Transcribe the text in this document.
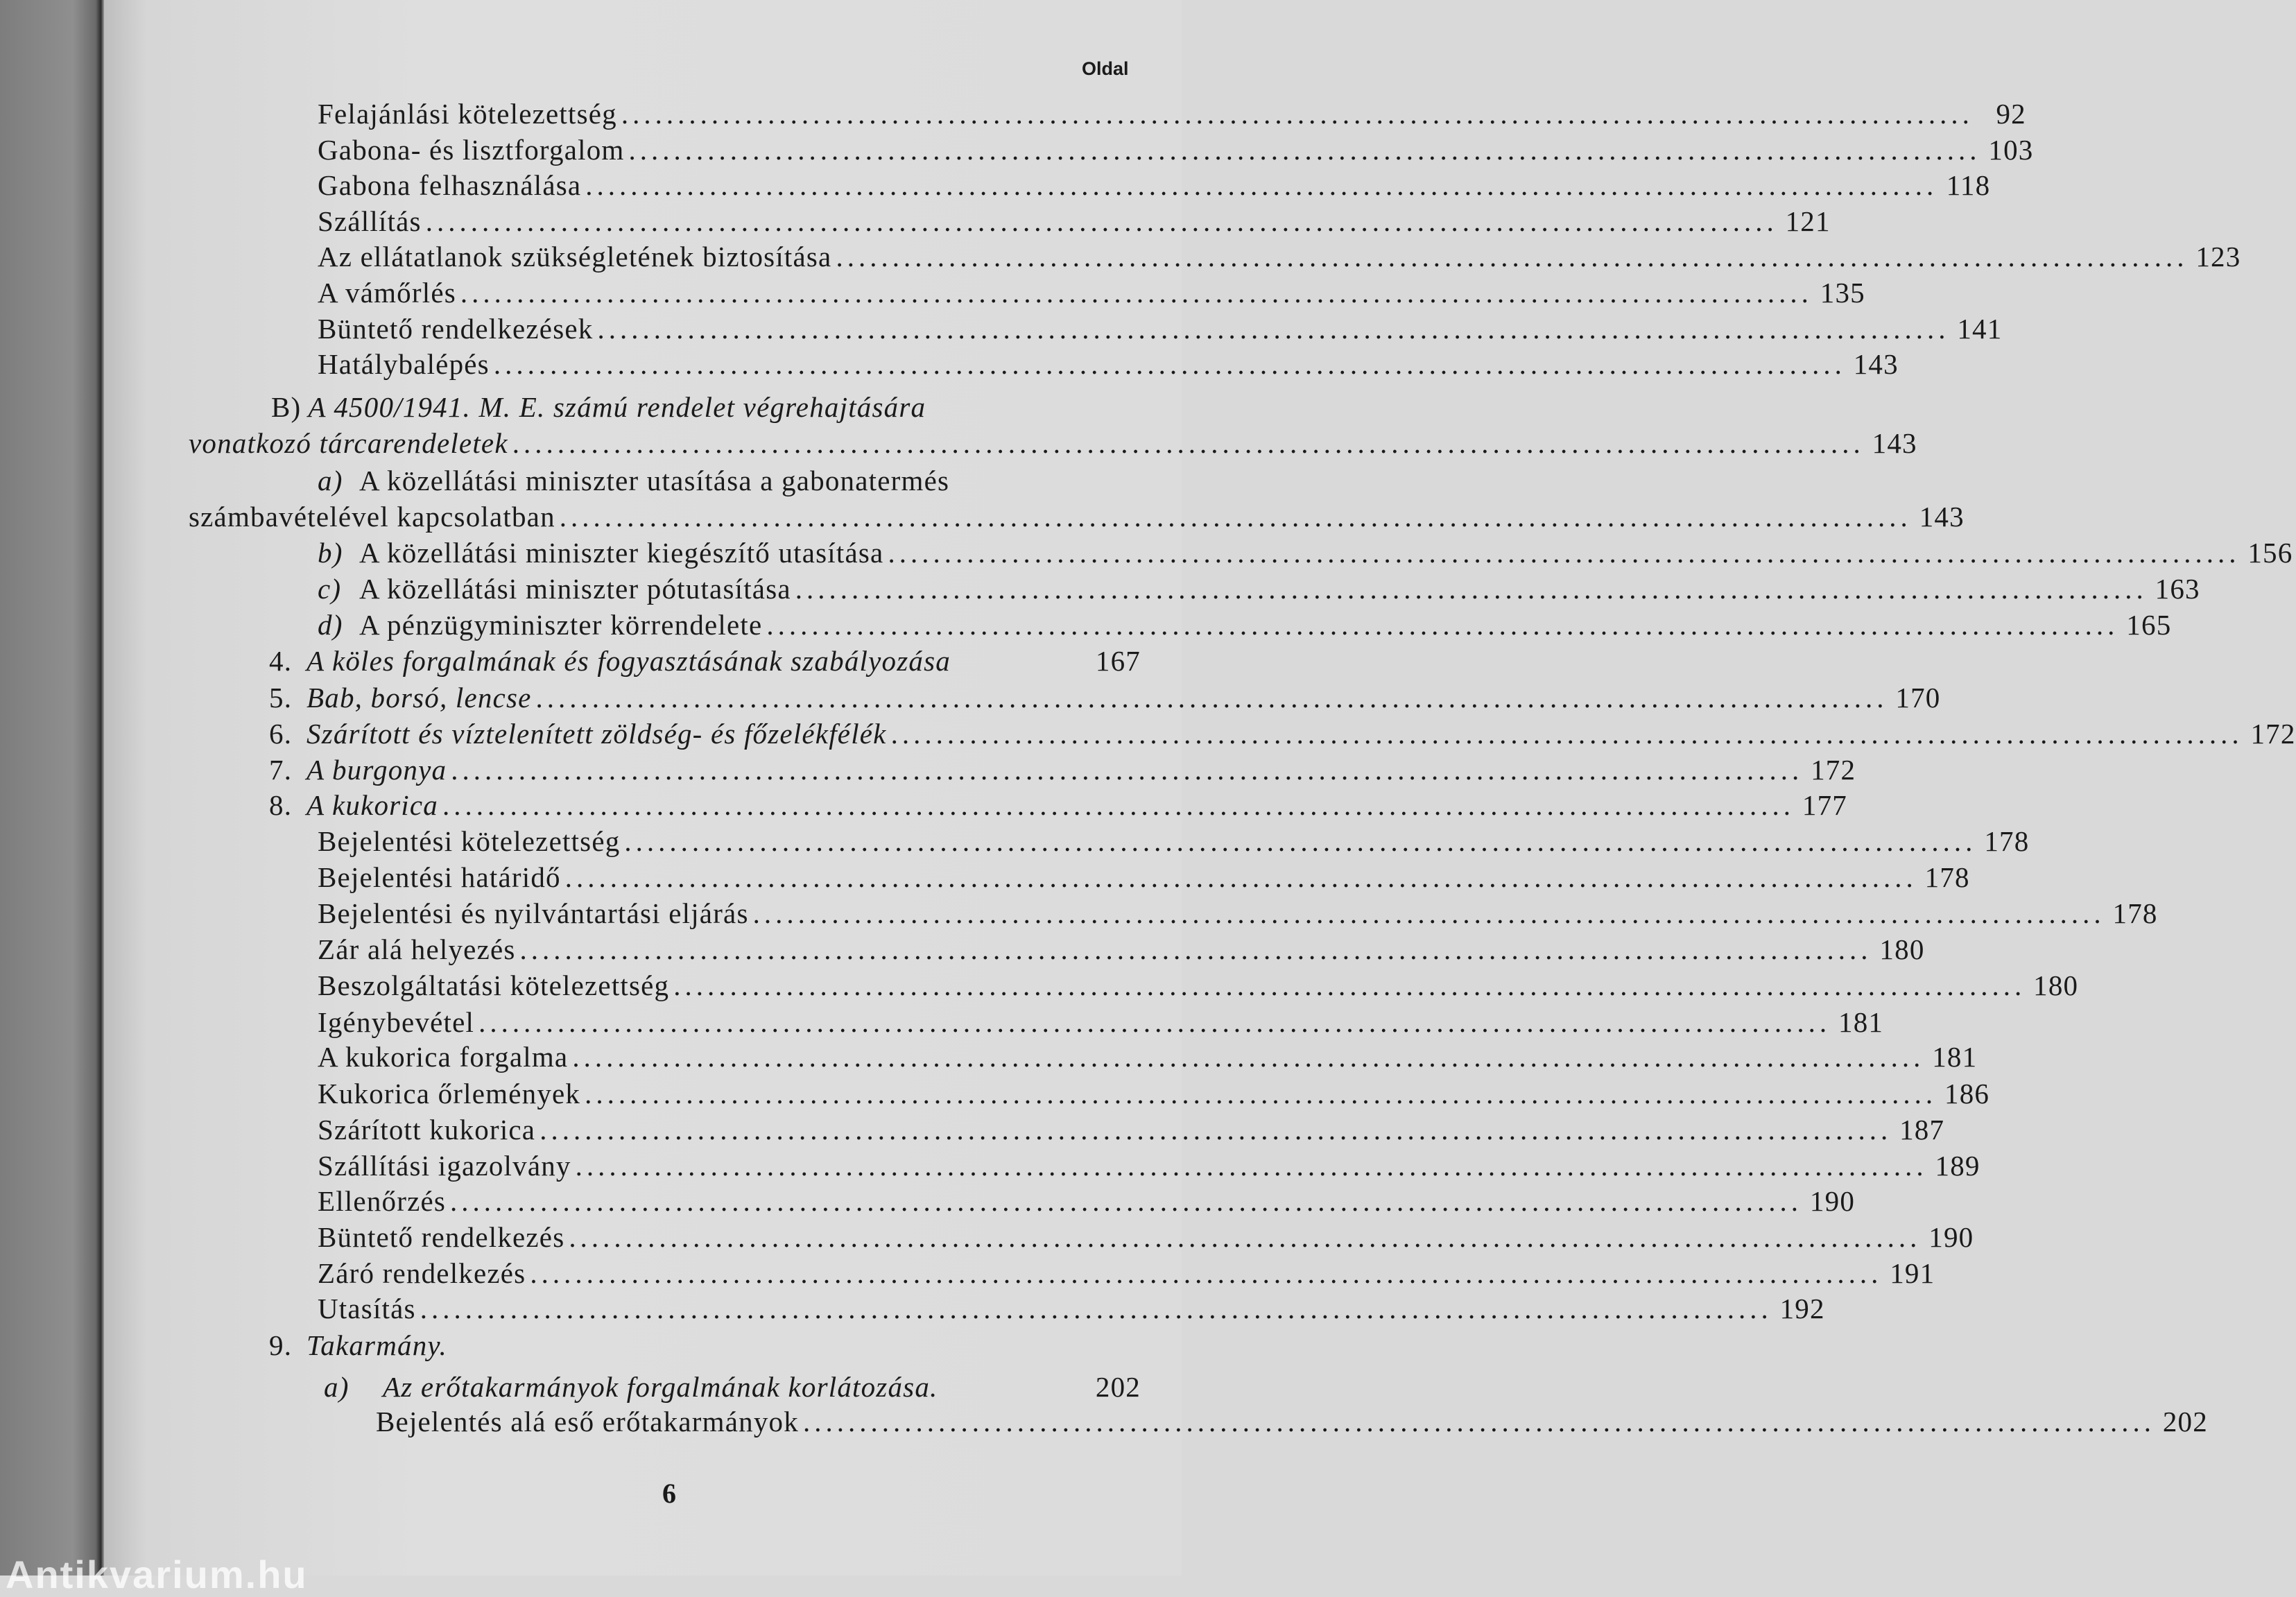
Oldal
Felajánlási kötelezettség ........................................................................................................................ 92
Gabona- és lisztforgalom ........................................................................................................................ 103
Gabona felhasználása ........................................................................................................................ 118
Szállítás ........................................................................................................................ 121
Az ellátatlanok szükségletének biztosítása ........................................................................................................................ 123
A vámőrlés ........................................................................................................................ 135
Büntető rendelkezések ........................................................................................................................ 141
Hatálybalépés ........................................................................................................................ 143
B) A 4500/1941. M. E. számú rendelet végrehajtására
vonatkozó tárcarendeletek ........................................................................................................................ 143
a) A közellátási miniszter utasítása a gabonatermés
számbavételével kapcsolatban ........................................................................................................................ 143
b) A közellátási miniszter kiegészítő utasítása ........................................................................................................................ 156
c) A közellátási miniszter pótutasítása ........................................................................................................................ 163
d) A pénzügyminiszter körrendelete ........................................................................................................................ 165
4. A köles forgalmának és fogyasztásának szabályozása	167
5. Bab, borsó, lencse ........................................................................................................................ 170
6. Szárított és víztelenített zöldség- és főzelékfélék ........................................................................................................................ 172
7. A burgonya ........................................................................................................................ 172
8. A kukorica ........................................................................................................................ 177
Bejelentési kötelezettség ........................................................................................................................ 178
Bejelentési határidő ........................................................................................................................ 178
Bejelentési és nyilvántartási eljárás ........................................................................................................................ 178
Zár alá helyezés ........................................................................................................................ 180
Beszolgáltatási kötelezettség ........................................................................................................................ 180
Igénybevétel ........................................................................................................................ 181
A kukorica forgalma ........................................................................................................................ 181
Kukorica őrlemények ........................................................................................................................ 186
Szárított kukorica ........................................................................................................................ 187
Szállítási igazolvány ........................................................................................................................ 189
Ellenőrzés ........................................................................................................................ 190
Büntető rendelkezés ........................................................................................................................ 190
Záró rendelkezés ........................................................................................................................ 191
Utasítás ........................................................................................................................ 192
9. Takarmány.
a)	Az erőtakarmányok forgalmának korlátozása.	202
Bejelentés alá eső erőtakarmányok ........................................................................................................................ 202
6
Antikvarium.hu
